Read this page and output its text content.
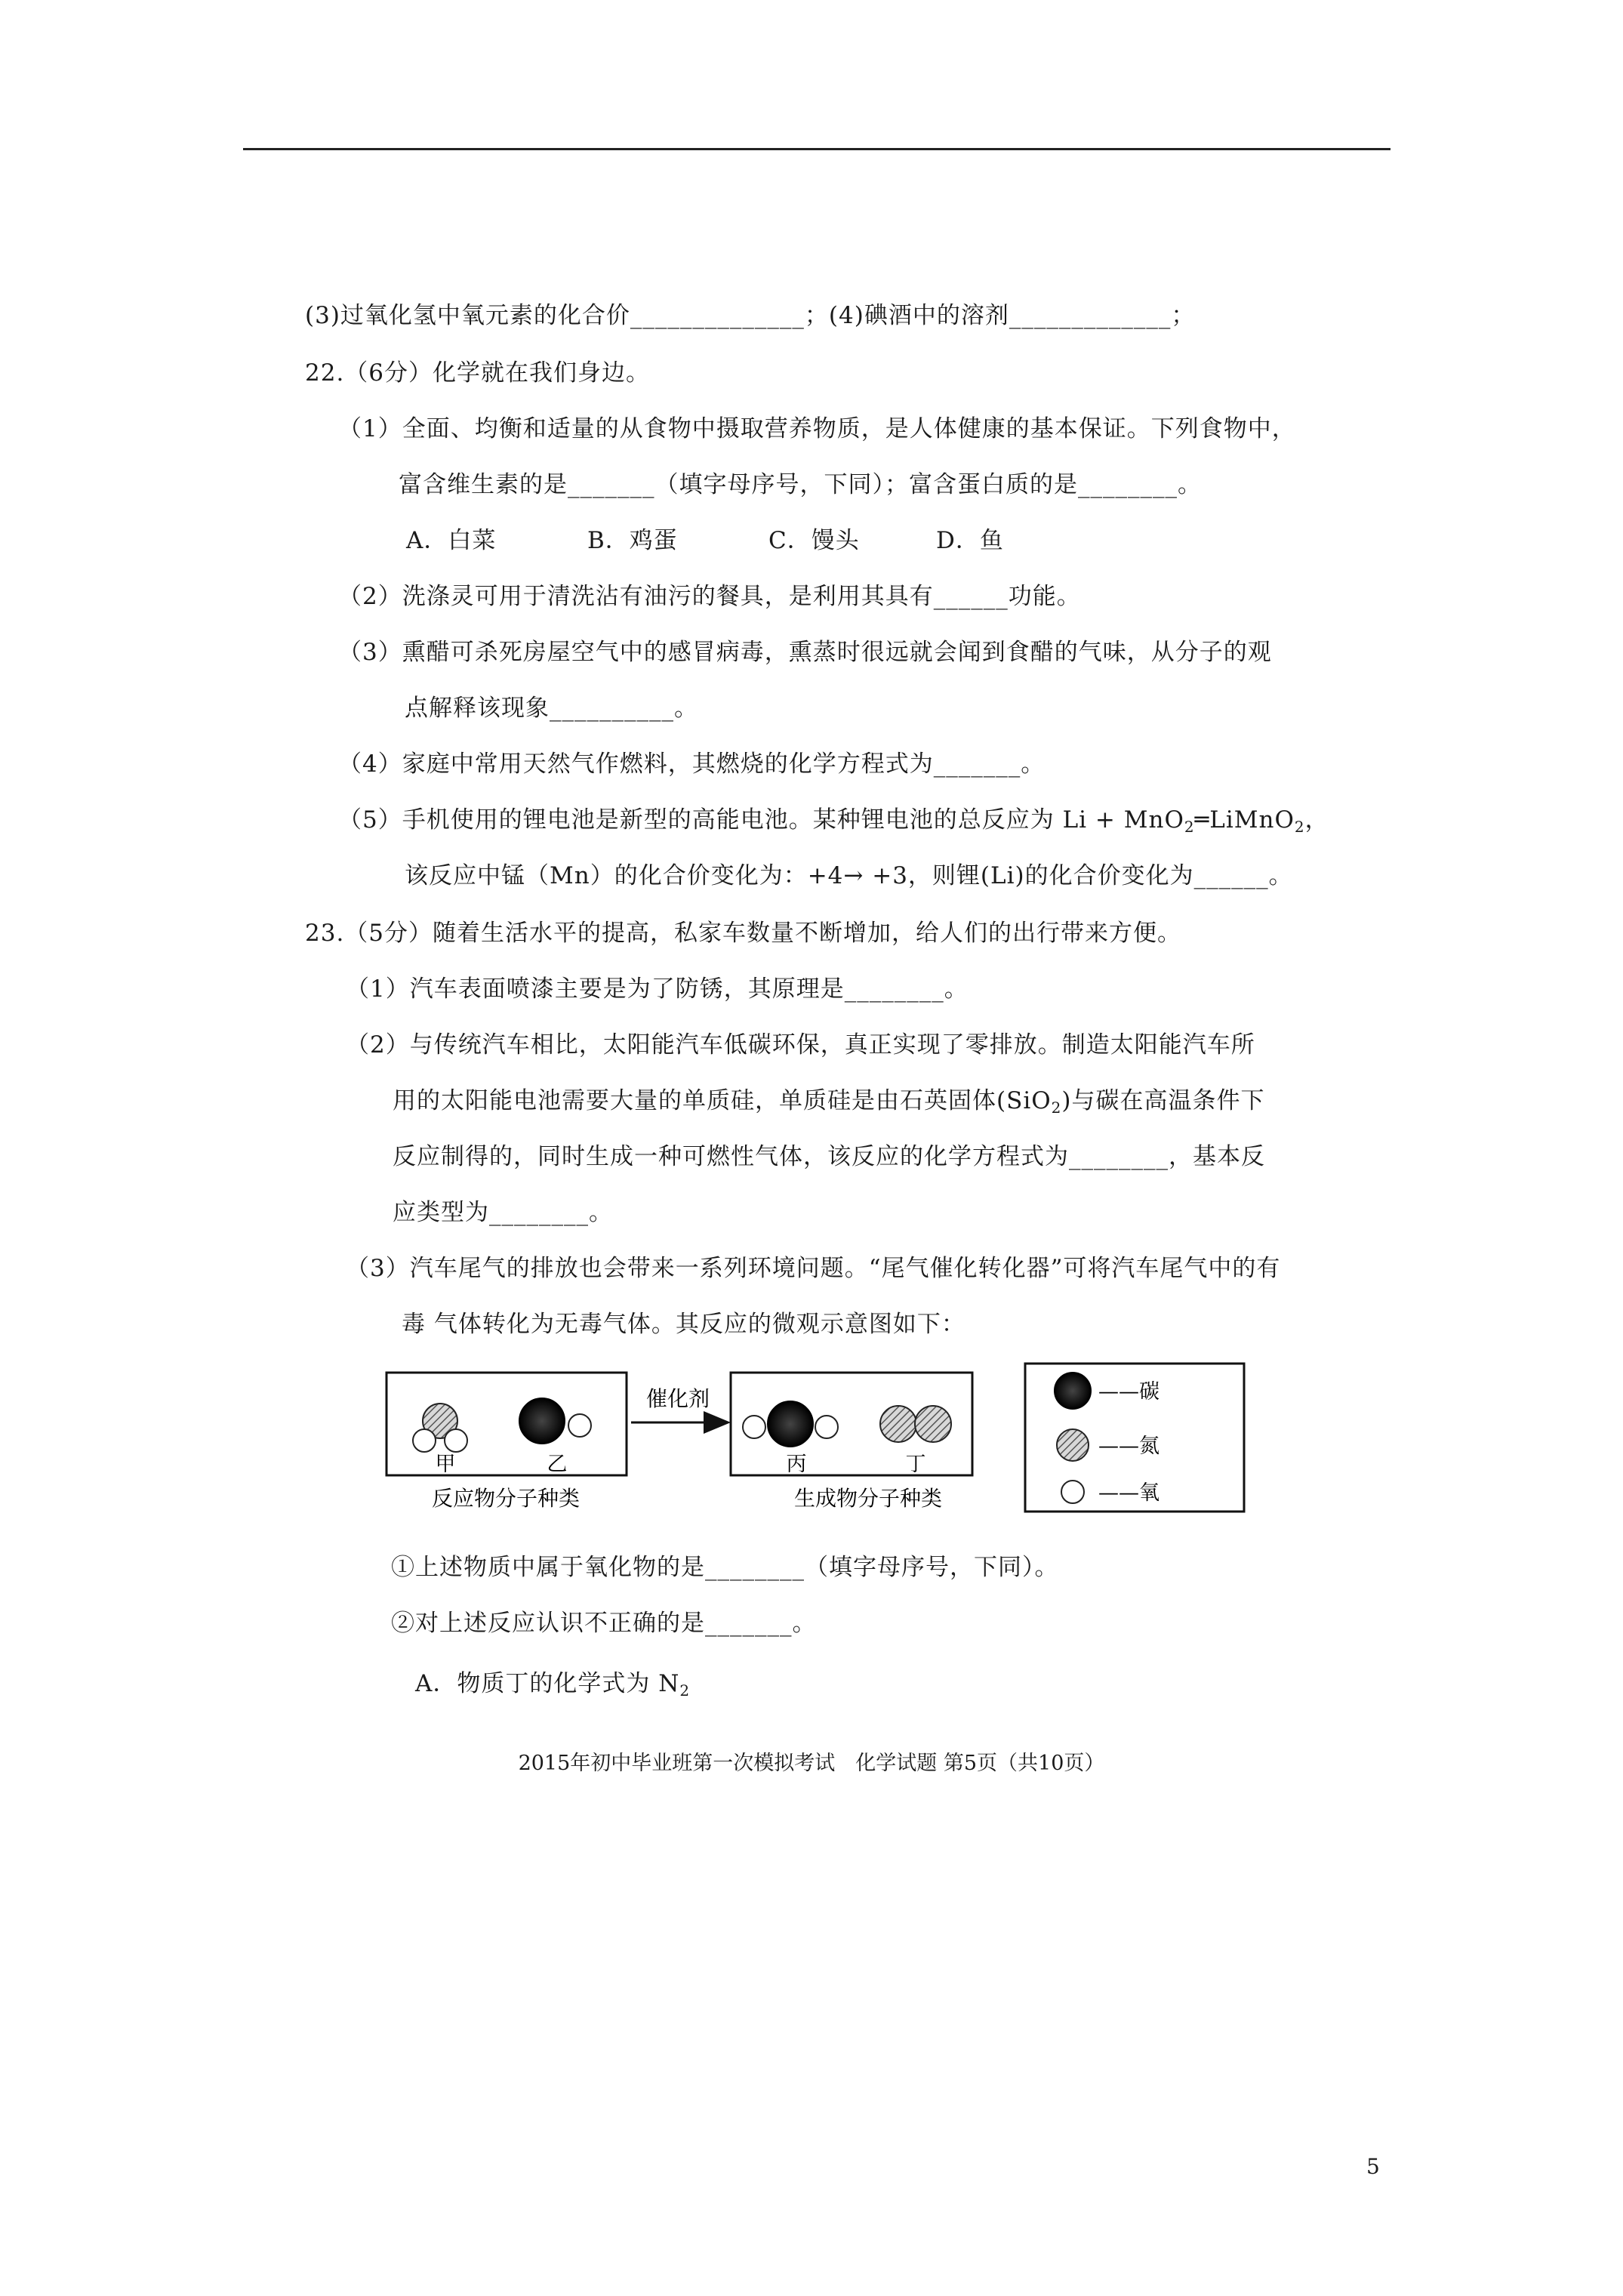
(3)过氧化氢中氧元素的化合价______________；(4)碘酒中的溶剂_____________；
22.（6分）化学就在我们身边。
（1）全面、均衡和适量的从食物中摄取营养物质，是人体健康的基本保证。下列食物中，
富含维生素的是_______（填字母序号，下同）；富含蛋白质的是________。
A．白菜	B．鸡蛋	C．馒头	D．鱼
（2）洗涤灵可用于清洗沾有油污的餐具，是利用其具有______功能。
（3）熏醋可杀死房屋空气中的感冒病毒，熏蒸时很远就会闻到食醋的气味，从分子的观
点解释该现象__________。
（4）家庭中常用天然气作燃料，其燃烧的化学方程式为_______。
（5）手机使用的锂电池是新型的高能电池。某种锂电池的总反应为 Li + MnO$_2$═LiMnO$_2$，
该反应中锰（Mn）的化合价变化为：+4→ +3，则锂(Li)的化合价变化为______。
23.（5分）随着生活水平的提高，私家车数量不断增加，给人们的出行带来方便。
（1）汽车表面喷漆主要是为了防锈，其原理是________。
（2）与传统汽车相比，太阳能汽车低碳环保，真正实现了零排放。制造太阳能汽车所
用的太阳能电池需要大量的单质硅，单质硅是由石英固体(SiO$_2$)与碳在高温条件下
反应制得的，同时生成一种可燃性气体，该反应的化学方程式为________，基本反
应类型为________。
（3）汽车尾气的排放也会带来一系列环境问题。“尾气催化转化器”可将汽车尾气中的有
毒 气体转化为无毒气体。其反应的微观示意图如下：
甲	乙
反应物分子种类
催化剂
丙	丁
生成物分子种类
——碳
——氮
——氧
①上述物质中属于氧化物的是________（填字母序号，下同）。
②对上述反应认识不正确的是_______。
A．物质丁的化学式为 $N_2$
2015年初中毕业班第一次模拟考试　化学试题 第5页（共10页）
5
